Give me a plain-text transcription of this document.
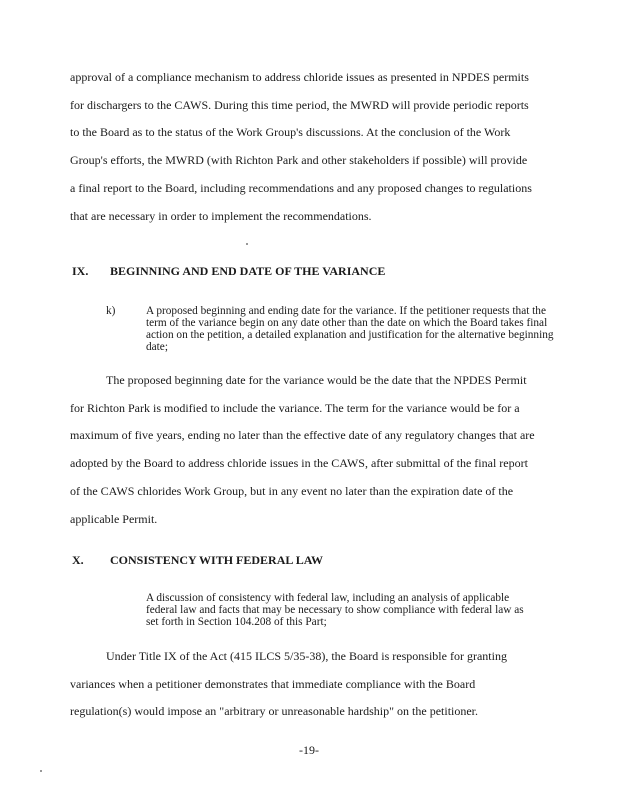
approval of a compliance mechanism to address chloride issues as presented in NPDES permits
for dischargers to the CAWS. During this time period, the MWRD will provide periodic reports
to the Board as to the status of the Work Group's discussions. At the conclusion of the Work
Group's efforts, the MWRD (with Richton Park and other stakeholders if possible) will provide
a final report to the Board, including recommendations and any proposed changes to regulations
that are necessary in order to implement the recommendations.
IX. BEGINNING AND END DATE OF THE VARIANCE
k)	A proposed beginning and ending date for the variance. If the petitioner requests that the term of the variance begin on any date other than the date on which the Board takes final action on the petition, a detailed explanation and justification for the alternative beginning date;
The proposed beginning date for the variance would be the date that the NPDES Permit
for Richton Park is modified to include the variance. The term for the variance would be for a
maximum of five years, ending no later than the effective date of any regulatory changes that are
adopted by the Board to address chloride issues in the CAWS, after submittal of the final report
of the CAWS chlorides Work Group, but in any event no later than the expiration date of the
applicable Permit.
X. CONSISTENCY WITH FEDERAL LAW
A discussion of consistency with federal law, including an analysis of applicable federal law and facts that may be necessary to show compliance with federal law as set forth in Section 104.208 of this Part;
Under Title IX of the Act (415 ILCS 5/35-38), the Board is responsible for granting
variances when a petitioner demonstrates that immediate compliance with the Board
regulation(s) would impose an "arbitrary or unreasonable hardship" on the petitioner.
-19-
